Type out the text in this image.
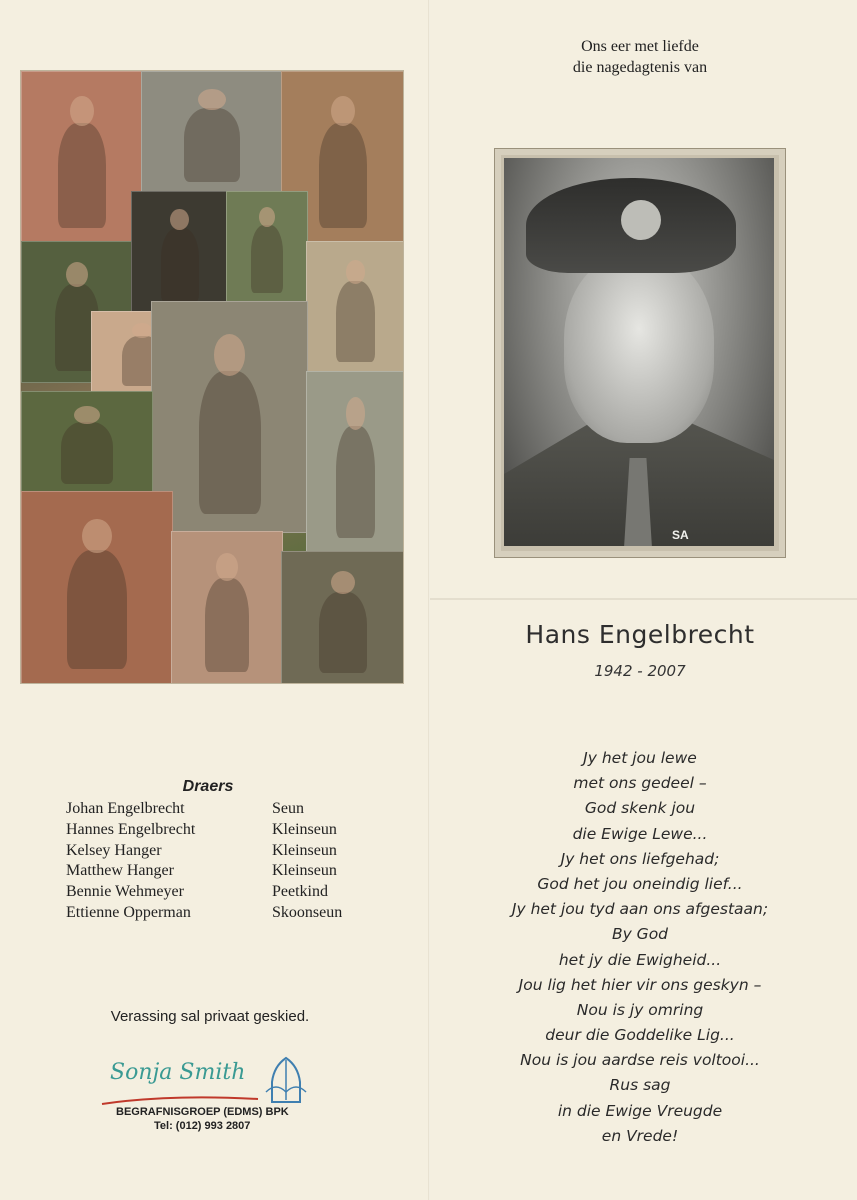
Draers
Johan Engelbrecht	Seun
Hannes Engelbrecht	Kleinseun
Kelsey Hanger	Kleinseun
Matthew Hanger	Kleinseun
Bennie Wehmeyer	Peetkind
Ettienne Opperman	Skoonseun
Verassing sal privaat geskied.
Sonja Smith
BEGRAFNISGROEP (EDMS) BPK
Tel: (012) 993 2807
Ons eer met liefde
die nagedagtenis van
SA
Hans Engelbrecht
1942 - 2007
Jy het jou lewe
met ons gedeel –
God skenk jou
die Ewige Lewe...
Jy het ons liefgehad;
God het jou oneindig lief...
Jy het jou tyd aan ons afgestaan;
By God
het jy die Ewigheid...
Jou lig het hier vir ons geskyn –
Nou is jy omring
deur die Goddelike Lig...
Nou is jou aardse reis voltooi...
Rus sag
in die Ewige Vreugde
en Vrede!
